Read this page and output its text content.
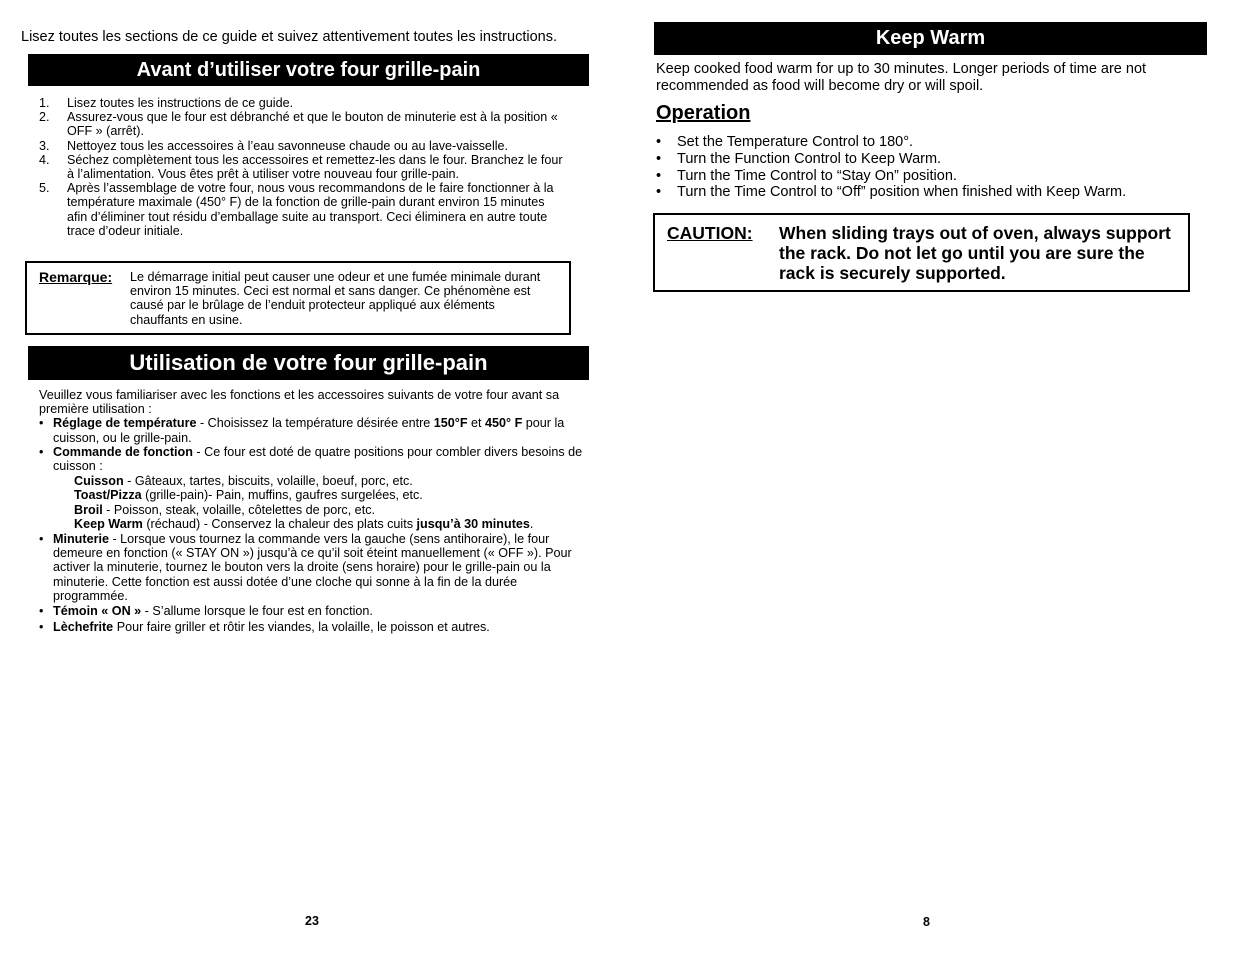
Lisez toutes les sections de ce guide et suivez attentivement toutes les instructions.
Avant d’utiliser votre four grille-pain
1. Lisez toutes les instructions de ce guide.
2. Assurez-vous que le four est débranché et que le bouton de minuterie est à la position « OFF » (arrêt).
3. Nettoyez tous les accessoires à l’eau savonneuse chaude ou au lave-vaisselle.
4. Séchez complètement tous les accessoires et remettez-les dans le four. Branchez le four à l’alimentation. Vous êtes prêt à utiliser votre nouveau four grille-pain.
5. Après l’assemblage de votre four, nous vous recommandons de le faire fonctionner à la température maximale (450° F) de la fonction de grille-pain durant environ 15 minutes afin d’éliminer tout résidu d’emballage suite au transport. Ceci éliminera en autre toute trace d’odeur initiale.
Remarque: Le démarrage initial peut causer une odeur et une fumée minimale durant environ 15 minutes. Ceci est normal et sans danger. Ce phénomène est causé par le brûlage de l’enduit protecteur appliqué aux éléments chauffants en usine.
Utilisation de votre four grille-pain
Veuillez vous familiariser avec les fonctions et les accessoires suivants de votre four avant sa première utilisation :
• Réglage de température - Choisissez la température désirée entre 150°F et 450° F pour la cuisson, ou le grille-pain.
• Commande de fonction - Ce four est doté de quatre positions pour combler divers besoins de cuisson :
Cuisson - Gâteaux, tartes, biscuits, volaille, boeuf, porc, etc.
Toast/Pizza (grille-pain)- Pain, muffins, gaufres surgelées, etc.
Broil - Poisson, steak, volaille, côtelettes de porc, etc.
Keep Warm (réchaud) - Conservez la chaleur des plats cuits jusqu’à 30 minutes.
• Minuterie - Lorsque vous tournez la commande vers la gauche (sens antihoraire), le four demeure en fonction (« STAY ON ») jusqu’à ce qu’il soit éteint manuellement (« OFF »). Pour activer la minuterie, tournez le bouton vers la droite (sens horaire) pour le grille-pain ou la minuterie. Cette fonction est aussi dotée d’une cloche qui sonne à la fin de la durée programmée.
• Témoin « ON » - S’allume lorsque le four est en fonction.
• Lèchefrite Pour faire griller et rôtir les viandes, la volaille, le poisson et autres.
23
Keep Warm
Keep cooked food warm for up to 30 minutes. Longer periods of time are not recommended as food will become dry or will spoil.
Operation
• Set the Temperature Control to 180°.
• Turn the Function Control to Keep Warm.
• Turn the Time Control to “Stay On” position.
• Turn the Time Control to “Off” position when finished with Keep Warm.
CAUTION: When sliding trays out of oven, always support the rack. Do not let go until you are sure the rack is securely supported.
8
